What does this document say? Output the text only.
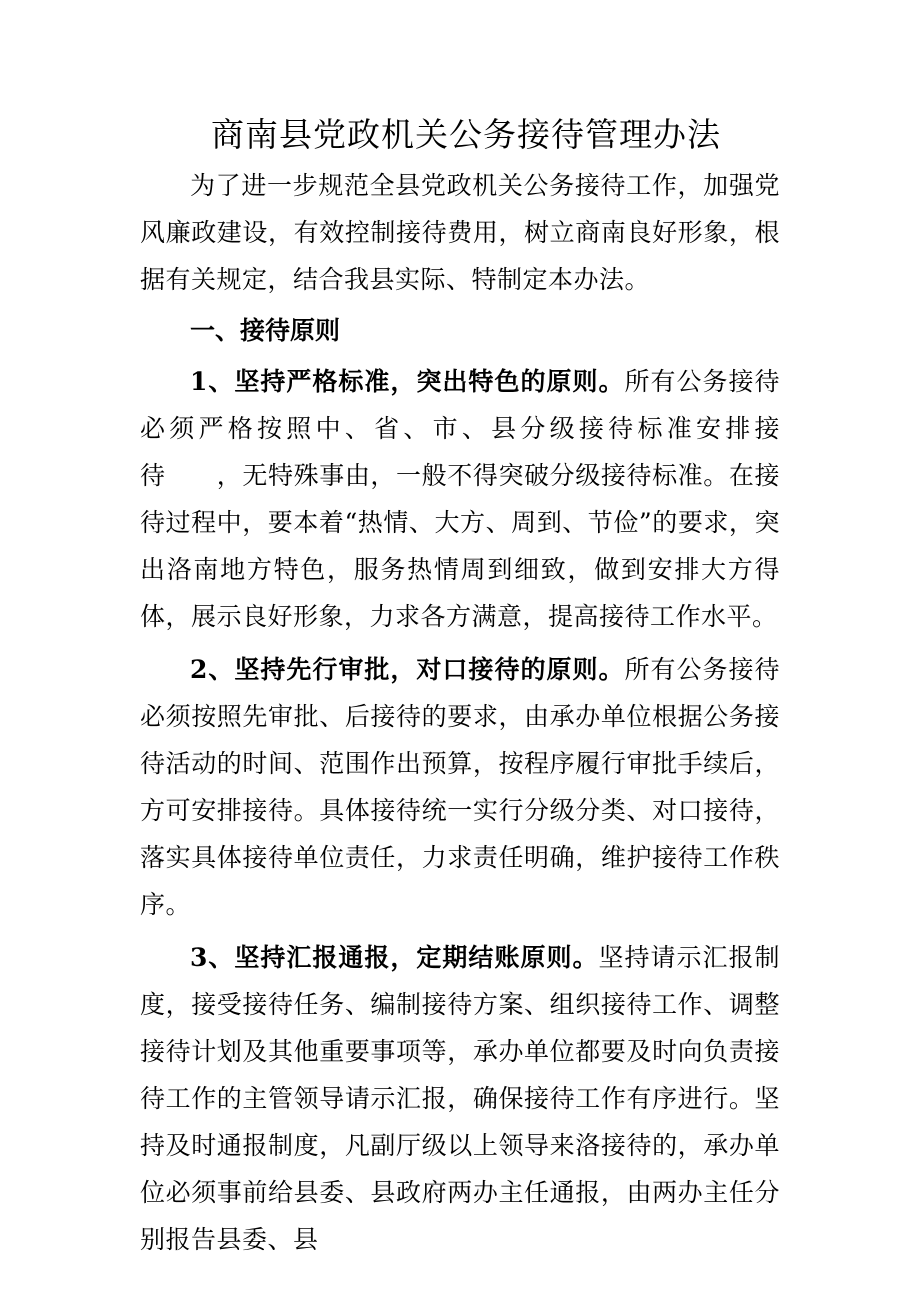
商南县党政机关公务接待管理办法

为了进一步规范全县党政机关公务接待工作，加强党风廉政建设，有效控制接待费用，树立商南良好形象，根据有关规定，结合我县实际、特制定本办法。

一、接待原则

1、坚持严格标准，突出特色的原则。所有公务接待必须严格按照中、省、市、县分级接待标准安排接待　　，无特殊事由，一般不得突破分级接待标准。在接待过程中，要本着“热情、大方、周到、节俭”的要求，突出洛南地方特色，服务热情周到细致，做到安排大方得体，展示良好形象，力求各方满意，提高接待工作水平。

2、坚持先行审批，对口接待的原则。所有公务接待必须按照先审批、后接待的要求，由承办单位根据公务接待活动的时间、范围作出预算，按程序履行审批手续后，方可安排接待。具体接待统一实行分级分类、对口接待，落实具体接待单位责任，力求责任明确，维护接待工作秩序。

3、坚持汇报通报，定期结账原则。坚持请示汇报制度，接受接待任务、编制接待方案、组织接待工作、调整接待计划及其他重要事项等，承办单位都要及时向负责接待工作的主管领导请示汇报，确保接待工作有序进行。坚持及时通报制度，凡副厅级以上领导来洛接待的，承办单位必须事前给县委、县政府两办主任通报，由两办主任分别报告县委、县
